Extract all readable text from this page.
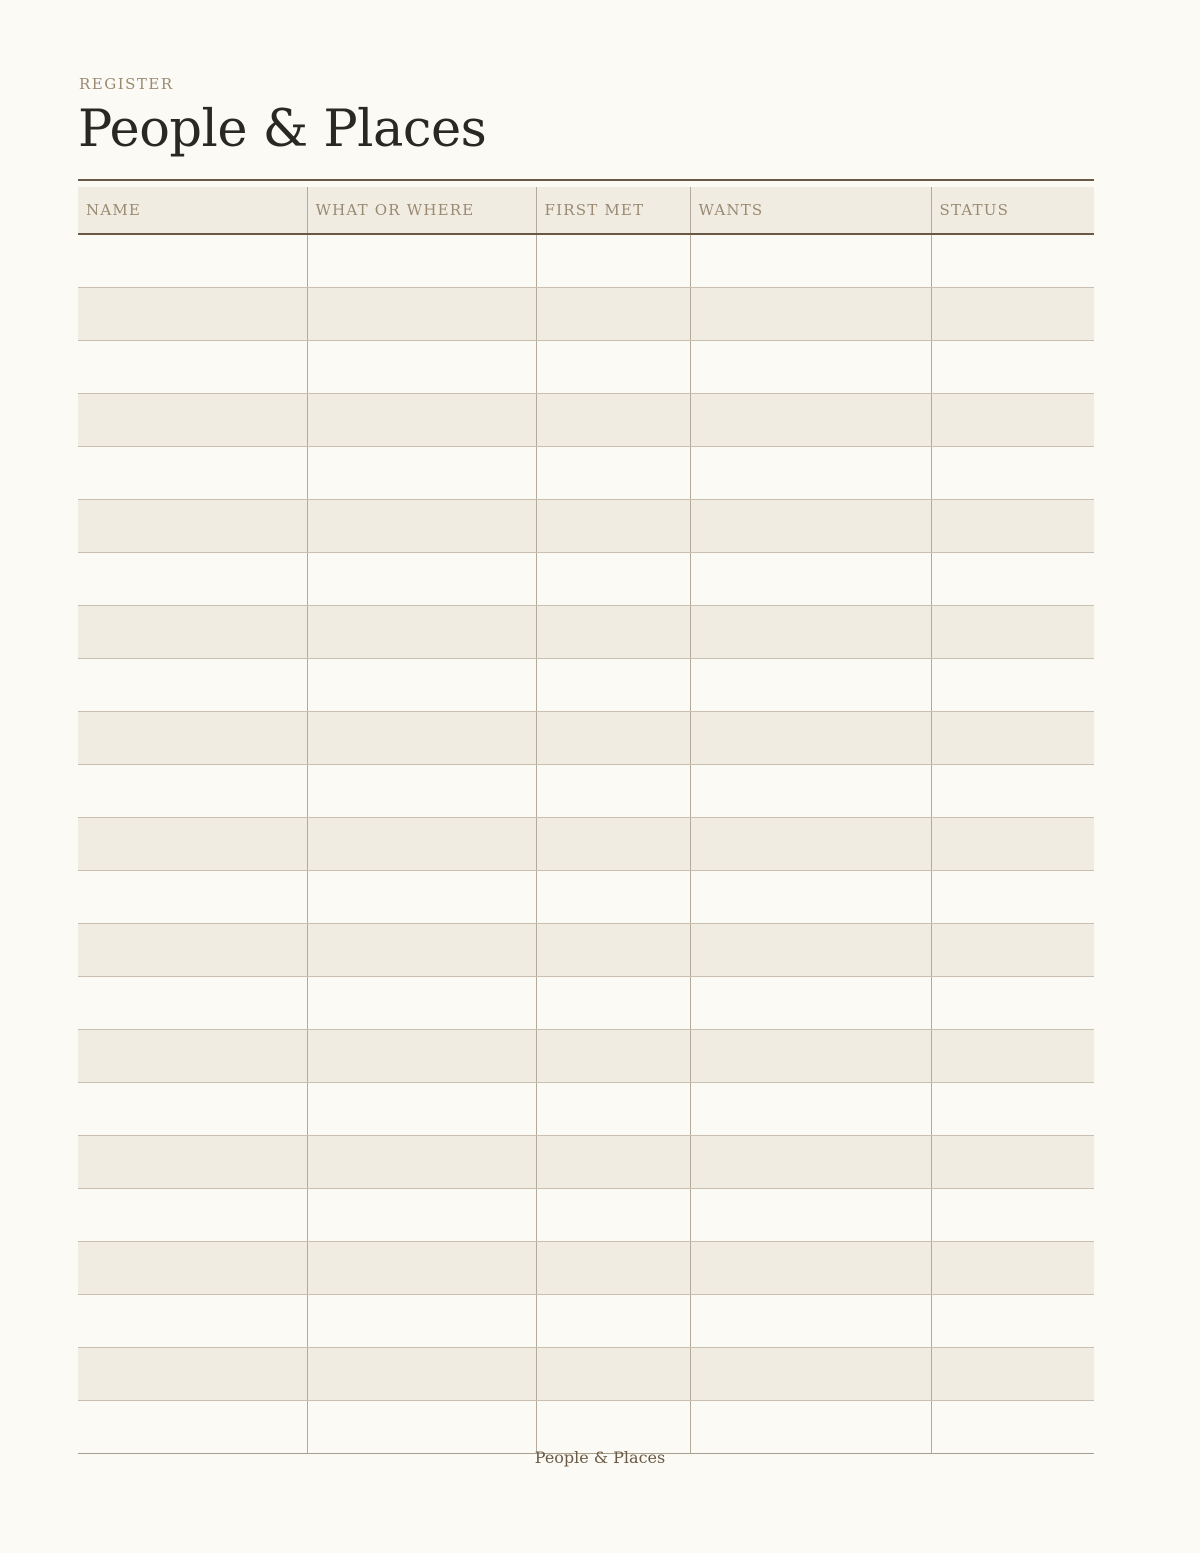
REGISTER
People & Places
NAME	WHAT OR WHERE	FIRST MET	WANTS	STATUS

People & Places
